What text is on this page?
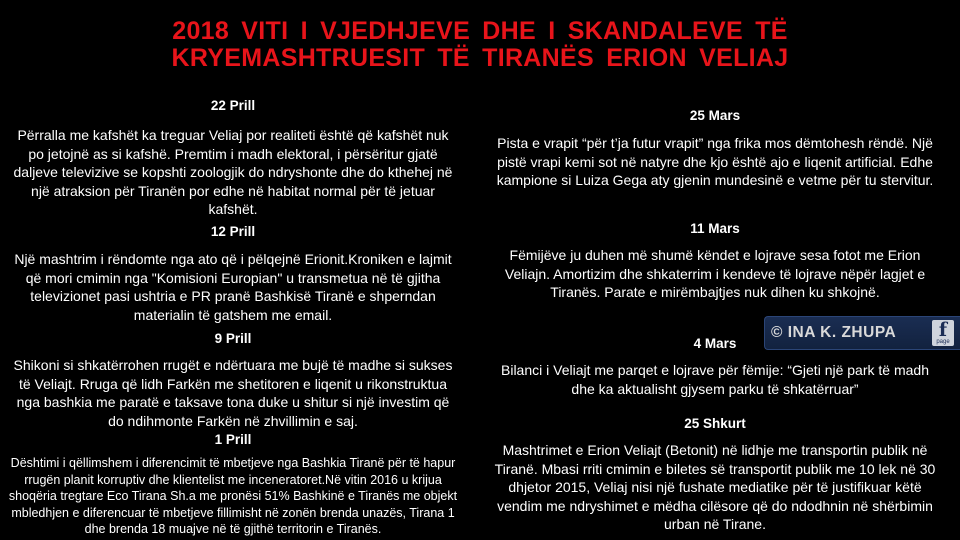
2018 VITI I VJEDHJEVE DHE I SKANDALEVE TË
KRYEMASHTRUESIT TË TIRANËS ERION VELIAJ
22 Prill
Përralla me kafshët ka treguar Veliaj por realiteti është që kafshët nuk po jetojnë as si kafshë. Premtim i madh elektoral, i përsëritur gjatë daljeve televizive se kopshti zoologjik do ndryshonte dhe do kthehej në një atraksion për Tiranën por edhe në habitat normal për të jetuar kafshët.
12 Prill
Një mashtrim i rëndomte nga ato që i pëlqejnë Erionit.Kroniken e lajmit që mori cmimin nga "Komisioni Europian" u transmetua në të gjitha televizionet pasi ushtria e PR pranë Bashkisë Tiranë e shperndan materialin të gatshem me email.
9 Prill
Shikoni si shkatërrohen rrugët e ndërtuara me bujë të madhe si sukses të Veliajt. Rruga që lidh Farkën me shetitoren e liqenit u rikonstruktua nga bashkia me paratë e taksave tona duke u shitur si një investim që do ndihmonte Farkën në zhvillimin e saj.
1 Prill
Dështimi i qëllimshem i diferencimit të mbetjeve nga Bashkia Tiranë për të hapur rrugën planit korruptiv dhe klientelist me inceneratoret.Në vitin 2016 u krijua shoqëria tregtare Eco Tirana Sh.a me pronësi 51% Bashkinë e Tiranës me objekt mbledhjen e diferencuar të mbetjeve fillimisht në zonën brenda unazës, Tirana 1 dhe brenda 18 muajve në të gjithë territorin e Tiranës.
25 Mars
Pista e vrapit “për t’ja futur vrapit” nga frika mos dëmtohesh rëndë. Një pistë vrapi kemi sot në natyre dhe kjo është ajo e liqenit artificial. Edhe kampione si Luiza Gega aty gjenin mundesinë e vetme për tu stervitur.
11 Mars
Fëmijëve ju duhen më shumë këndet e lojrave sesa fotot me Erion Veliajn. Amortizim dhe shkaterrim i kendeve të lojrave nëpër lagjet e Tiranës. Parate e mirëmbajtjes nuk dihen ku shkojnë.
4 Mars
Bilanci i Veliajt me parqet e lojrave për fëmije: “Gjeti një park të madh dhe ka aktualisht gjysem parku të shkatërruar”
25 Shkurt
Mashtrimet e Erion Veliajt (Betonit) në lidhje me transportin publik në Tiranë. Mbasi rriti cmimin e biletes së transportit publik me 10 lek në 30 dhjetor 2015, Veliaj nisi një fushate mediatike për të justifikuar këtë vendim me ndryshimet e mëdha cilësore që do ndodhnin në shërbimin urban në Tirane.
© INA K. ZHUPA	f
page
